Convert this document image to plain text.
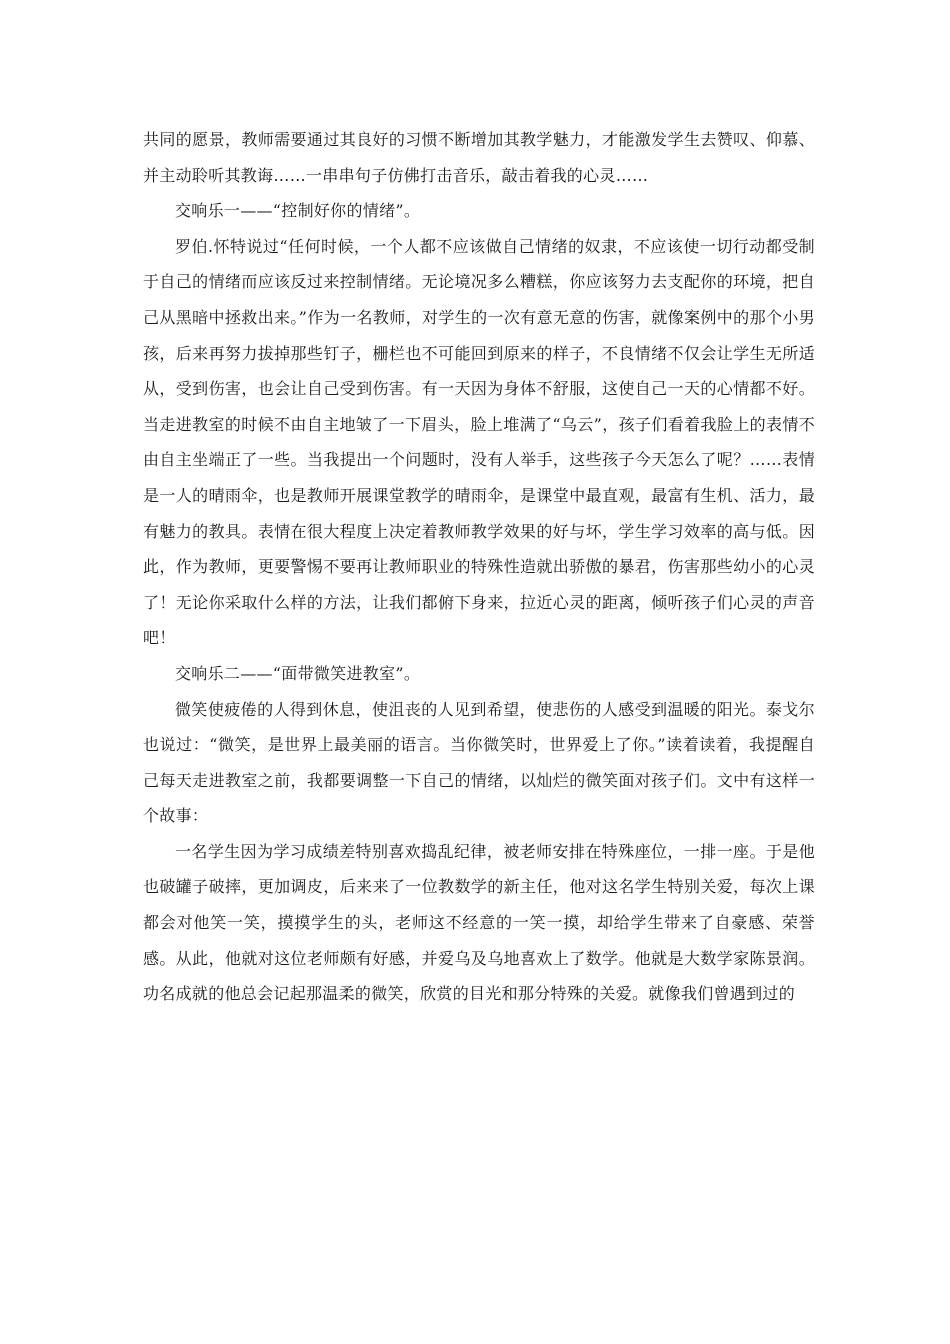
共同的愿景，教师需要通过其良好的习惯不断增加其教学魅力，才能激发学生去赞叹、仰慕、并主动聆听其教诲……一串串句子仿佛打击音乐，敲击着我的心灵……

交响乐一——“控制好你的情绪”。

罗伯.怀特说过“任何时候，一个人都不应该做自己情绪的奴隶，不应该使一切行动都受制于自己的情绪而应该反过来控制情绪。无论境况多么糟糕，你应该努力去支配你的环境，把自己从黑暗中拯救出来。”作为一名教师，对学生的一次有意无意的伤害，就像案例中的那个小男孩，后来再努力拔掉那些钉子，栅栏也不可能回到原来的样子，不良情绪不仅会让学生无所适从，受到伤害，也会让自己受到伤害。有一天因为身体不舒服，这使自己一天的心情都不好。当走进教室的时候不由自主地皱了一下眉头，脸上堆满了“乌云”，孩子们看着我脸上的表情不由自主坐端正了一些。当我提出一个问题时，没有人举手，这些孩子今天怎么了呢？……表情是一人的晴雨伞，也是教师开展课堂教学的晴雨伞，是课堂中最直观，最富有生机、活力，最有魅力的教具。表情在很大程度上决定着教师教学效果的好与坏，学生学习效率的高与低。因此，作为教师，更要警惕不要再让教师职业的特殊性造就出骄傲的暴君，伤害那些幼小的心灵了！无论你采取什么样的方法，让我们都俯下身来，拉近心灵的距离，倾听孩子们心灵的声音吧！

交响乐二——“面带微笑进教室”。

微笑使疲倦的人得到休息，使沮丧的人见到希望，使悲伤的人感受到温暖的阳光。泰戈尔也说过：“微笑，是世界上最美丽的语言。当你微笑时，世界爱上了你。”读着读着，我提醒自己每天走进教室之前，我都要调整一下自己的情绪，以灿烂的微笑面对孩子们。文中有这样一个故事：

一名学生因为学习成绩差特别喜欢捣乱纪律，被老师安排在特殊座位，一排一座。于是他也破罐子破摔，更加调皮，后来来了一位教数学的新主任，他对这名学生特别关爱，每次上课都会对他笑一笑，摸摸学生的头，老师这不经意的一笑一摸，却给学生带来了自豪感、荣誉感。从此，他就对这位老师颇有好感，并爱乌及乌地喜欢上了数学。他就是大数学家陈景润。功名成就的他总会记起那温柔的微笑，欣赏的目光和那分特殊的关爱。就像我们曾遇到过的
